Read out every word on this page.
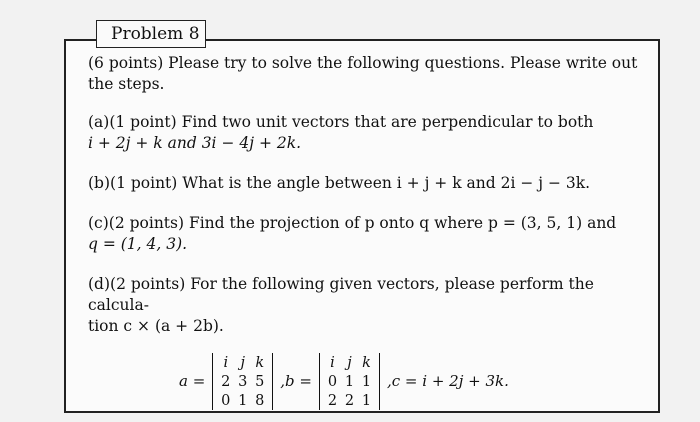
Problem 8

(6 points) Please try to solve the following questions. Please write out the steps.

(a)(1 point) Find two unit vectors that are perpendicular to both
i + 2j + k and 3i − 4j + 2k.

(b)(1 point) What is the angle between i + j + k and 2i − j − 3k.

(c)(2 points) Find the projection of p onto q where p = (3, 5, 1) and
q = (1, 4, 3).

(d)(2 points) For the following given vectors, please perform the calcula-
tion c × (a + 2b).

a =
i j k
2 3 5
0 1 8
,b =
i j k
0 1 1
2 2 1
,c = i + 2j + 3k.
